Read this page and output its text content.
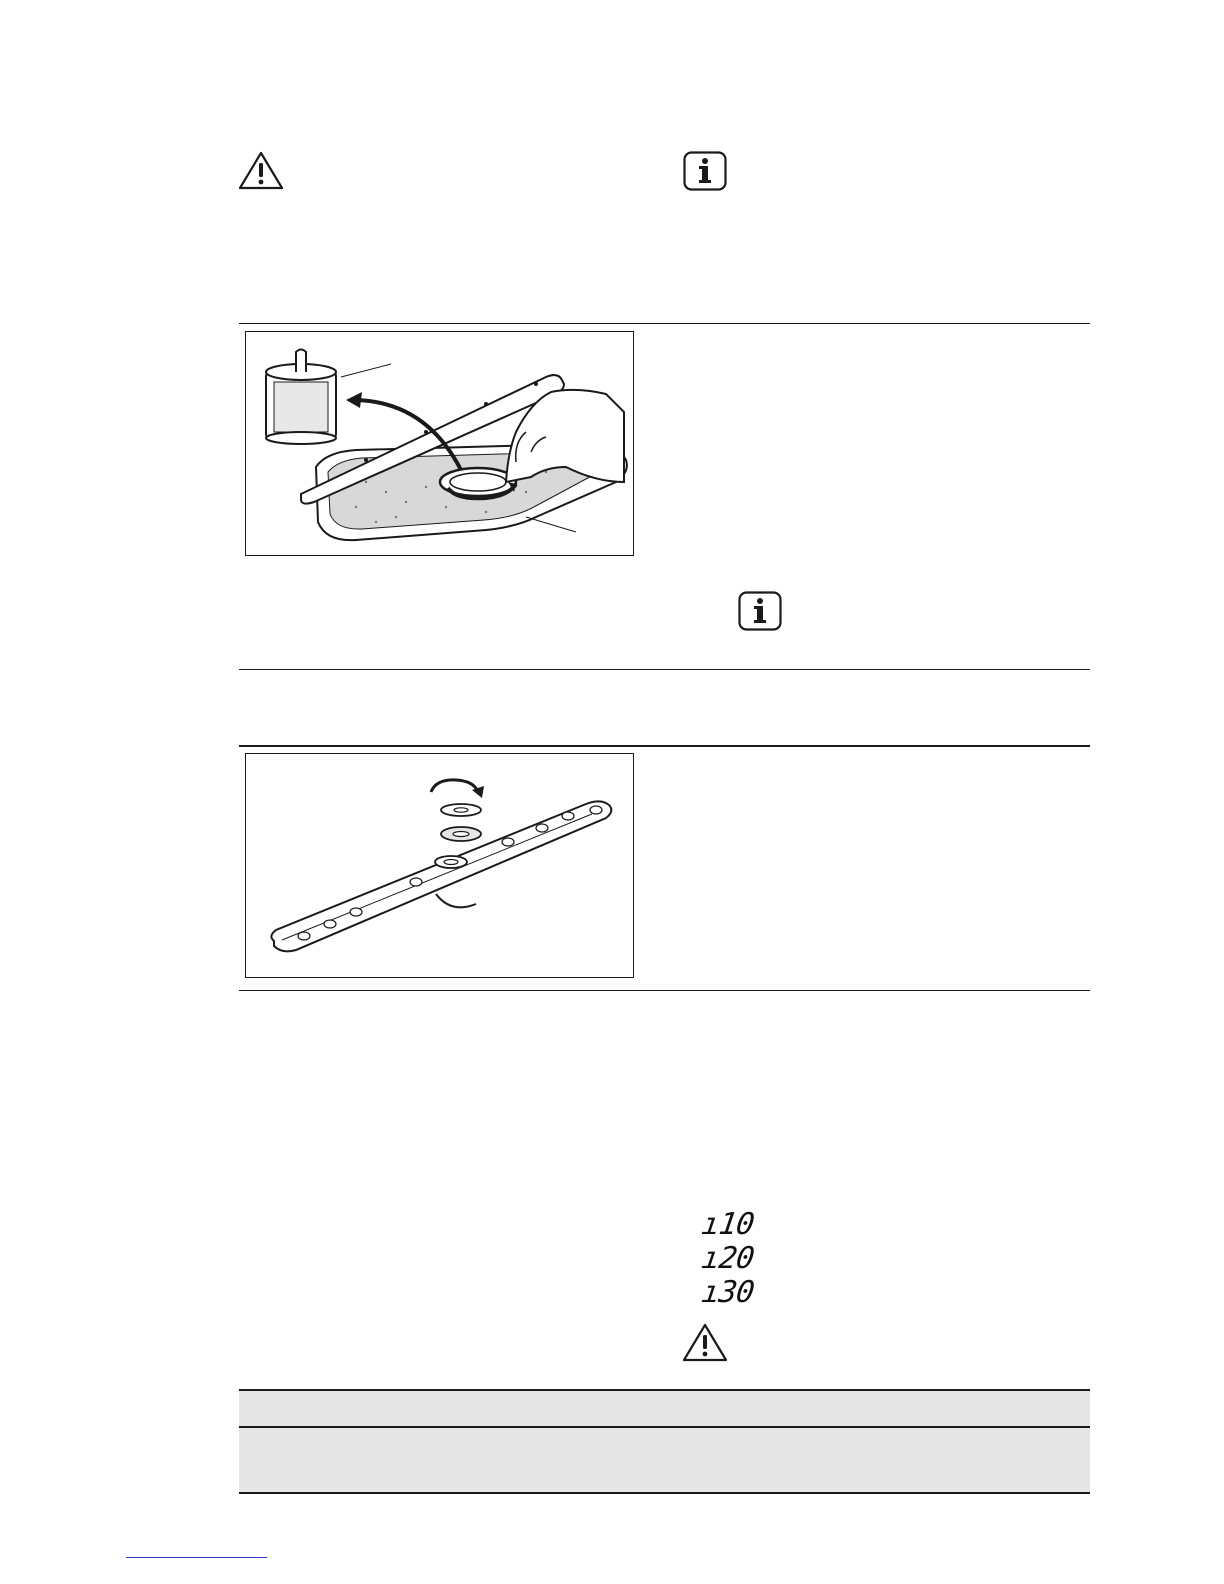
ı10
ı20
ı30
